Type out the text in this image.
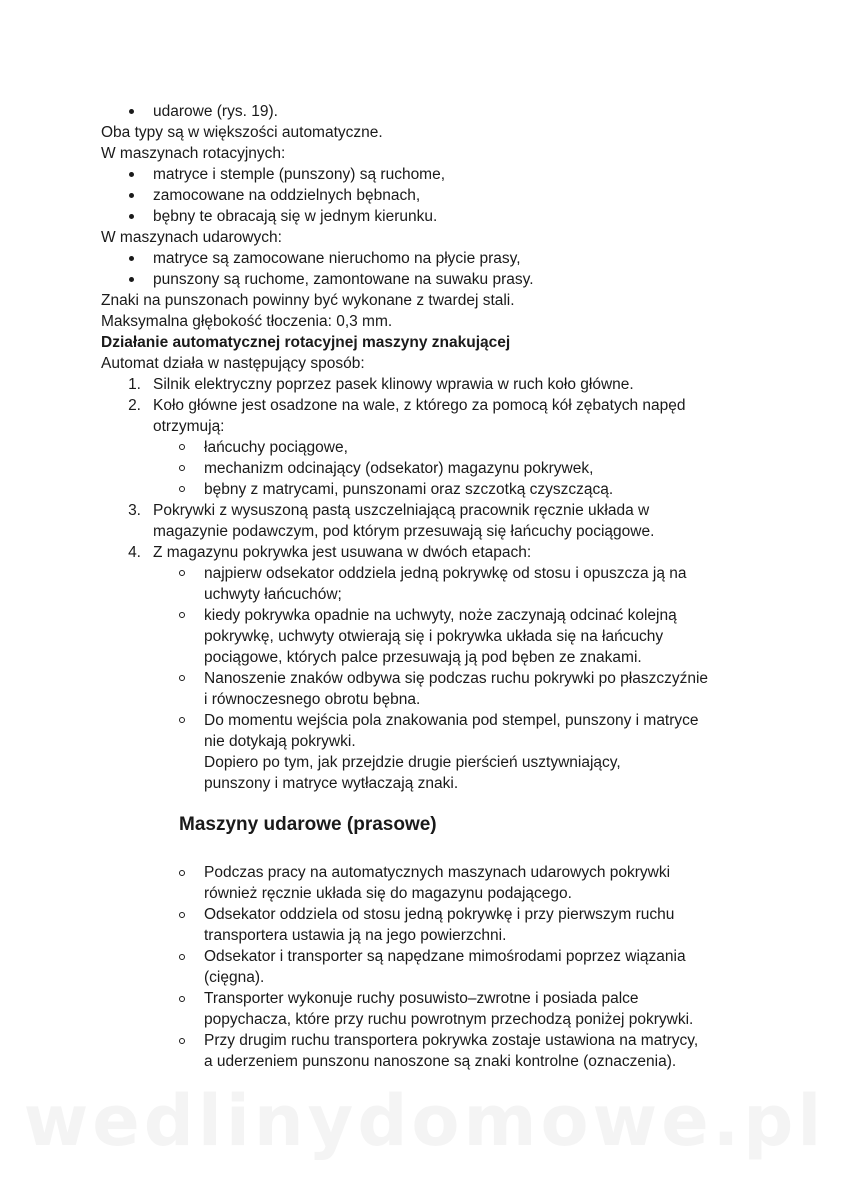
udarowe (rys. 19).
Oba typy są w większości automatyczne.
W maszynach rotacyjnych:
matryce i stemple (punszony) są ruchome,
zamocowane na oddzielnych bębnach,
bębny te obracają się w jednym kierunku.
W maszynach udarowych:
matryce są zamocowane nieruchomo na płycie prasy,
punszony są ruchome, zamontowane na suwaku prasy.
Znaki na punszonach powinny być wykonane z twardej stali.
Maksymalna głębokość tłoczenia: 0,3 mm.
Działanie automatycznej rotacyjnej maszyny znakującej
Automat działa w następujący sposób:
1. Silnik elektryczny poprzez pasek klinowy wprawia w ruch koło główne.
2. Koło główne jest osadzone na wale, z którego za pomocą kół zębatych napęd
otrzymują:
łańcuchy pociągowe,
mechanizm odcinający (odsekator) magazynu pokrywek,
bębny z matrycami, punszonami oraz szczotką czyszczącą.
3. Pokrywki z wysuszoną pastą uszczelniającą pracownik ręcznie układa w
magazynie podawczym, pod którym przesuwają się łańcuchy pociągowe.
4. Z magazynu pokrywka jest usuwana w dwóch etapach:
najpierw odsekator oddziela jedną pokrywkę od stosu i opuszcza ją na
uchwyty łańcuchów;
kiedy pokrywka opadnie na uchwyty, noże zaczynają odcinać kolejną
pokrywkę, uchwyty otwierają się i pokrywka układa się na łańcuchy
pociągowe, których palce przesuwają ją pod bęben ze znakami.
Nanoszenie znaków odbywa się podczas ruchu pokrywki po płaszczyźnie
i równoczesnego obrotu bębna.
Do momentu wejścia pola znakowania pod stempel, punszony i matryce
nie dotykają pokrywki.
Dopiero po tym, jak przejdzie drugie pierścień usztywniający,
punszony i matryce wytłaczają znaki.
Maszyny udarowe (prasowe)
Podczas pracy na automatycznych maszynach udarowych pokrywki
również ręcznie układa się do magazynu podającego.
Odsekator oddziela od stosu jedną pokrywkę i przy pierwszym ruchu
transportera ustawia ją na jego powierzchni.
Odsekator i transporter są napędzane mimośrodami poprzez wiązania
(cięgna).
Transporter wykonuje ruchy posuwisto–zwrotne i posiada palce
popychacza, które przy ruchu powrotnym przechodzą poniżej pokrywki.
Przy drugim ruchu transportera pokrywka zostaje ustawiona na matrycy,
a uderzeniem punszonu nanoszone są znaki kontrolne (oznaczenia).
wedlinydomowe.pl
